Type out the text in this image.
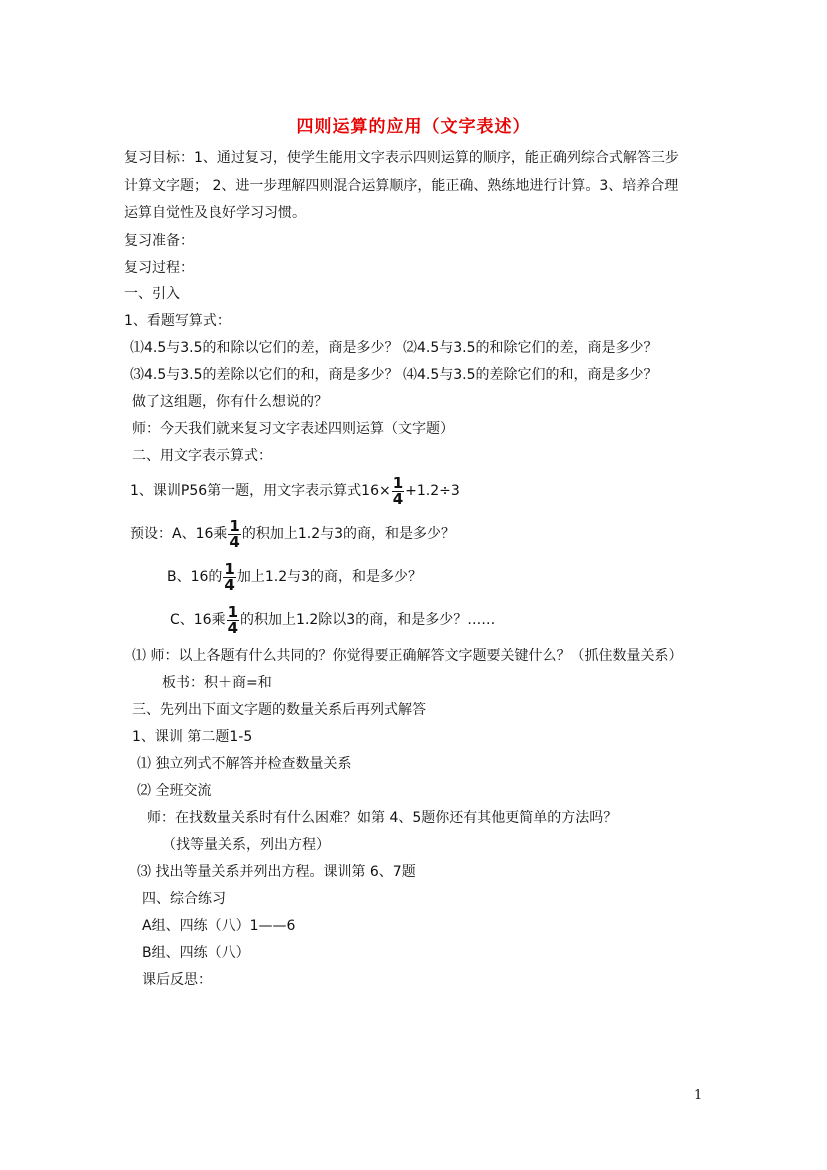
四则运算的应用（文字表述）
复习目标：1、通过复习，使学生能用文字表示四则运算的顺序，能正确列综合式解答三步
计算文字题； 2、进一步理解四则混合运算顺序，能正确、熟练地进行计算。3、培养合理
运算自觉性及良好学习习惯。
复习准备：
复习过程：
一、引入
1、看题写算式：
⑴4.5与3.5的和除以它们的差，商是多少？ ⑵4.5与3.5的和除它们的差，商是多少？
⑶4.5与3.5的差除以它们的和，商是多少？ ⑷4.5与3.5的差除它们的和，商是多少？
做了这组题，你有什么想说的？
师：今天我们就来复习文字表述四则运算（文字题）
二、用文字表示算式：
1、课训P56第一题，用文字表示算式$16\times \frac{1}{4} +1.2\div 3$
预设：A、16乘 $\frac{1}{4}$ 的积加上1.2与3的商，和是多少？
B、16的 $\frac{1}{4}$ 加上1.2与3的商，和是多少？
C、16乘 $\frac{1}{4}$ 的积加上1.2除以3的商，和是多少？……
⑴ 师：以上各题有什么共同的？你觉得要正确解答文字题要关键什么？（抓住数量关系）
板书：积＋商=和
三、先列出下面文字题的数量关系后再列式解答
1、课训 第二题1-5
⑴ 独立列式不解答并检查数量关系
⑵ 全班交流
师：在找数量关系时有什么困难？如第 4、5题你还有其他更简单的方法吗？
（找等量关系，列出方程）
⑶ 找出等量关系并列出方程。课训第 6、7题
四、综合练习
A组、四练（八）1——6
B组、四练（八）
课后反思：
1
